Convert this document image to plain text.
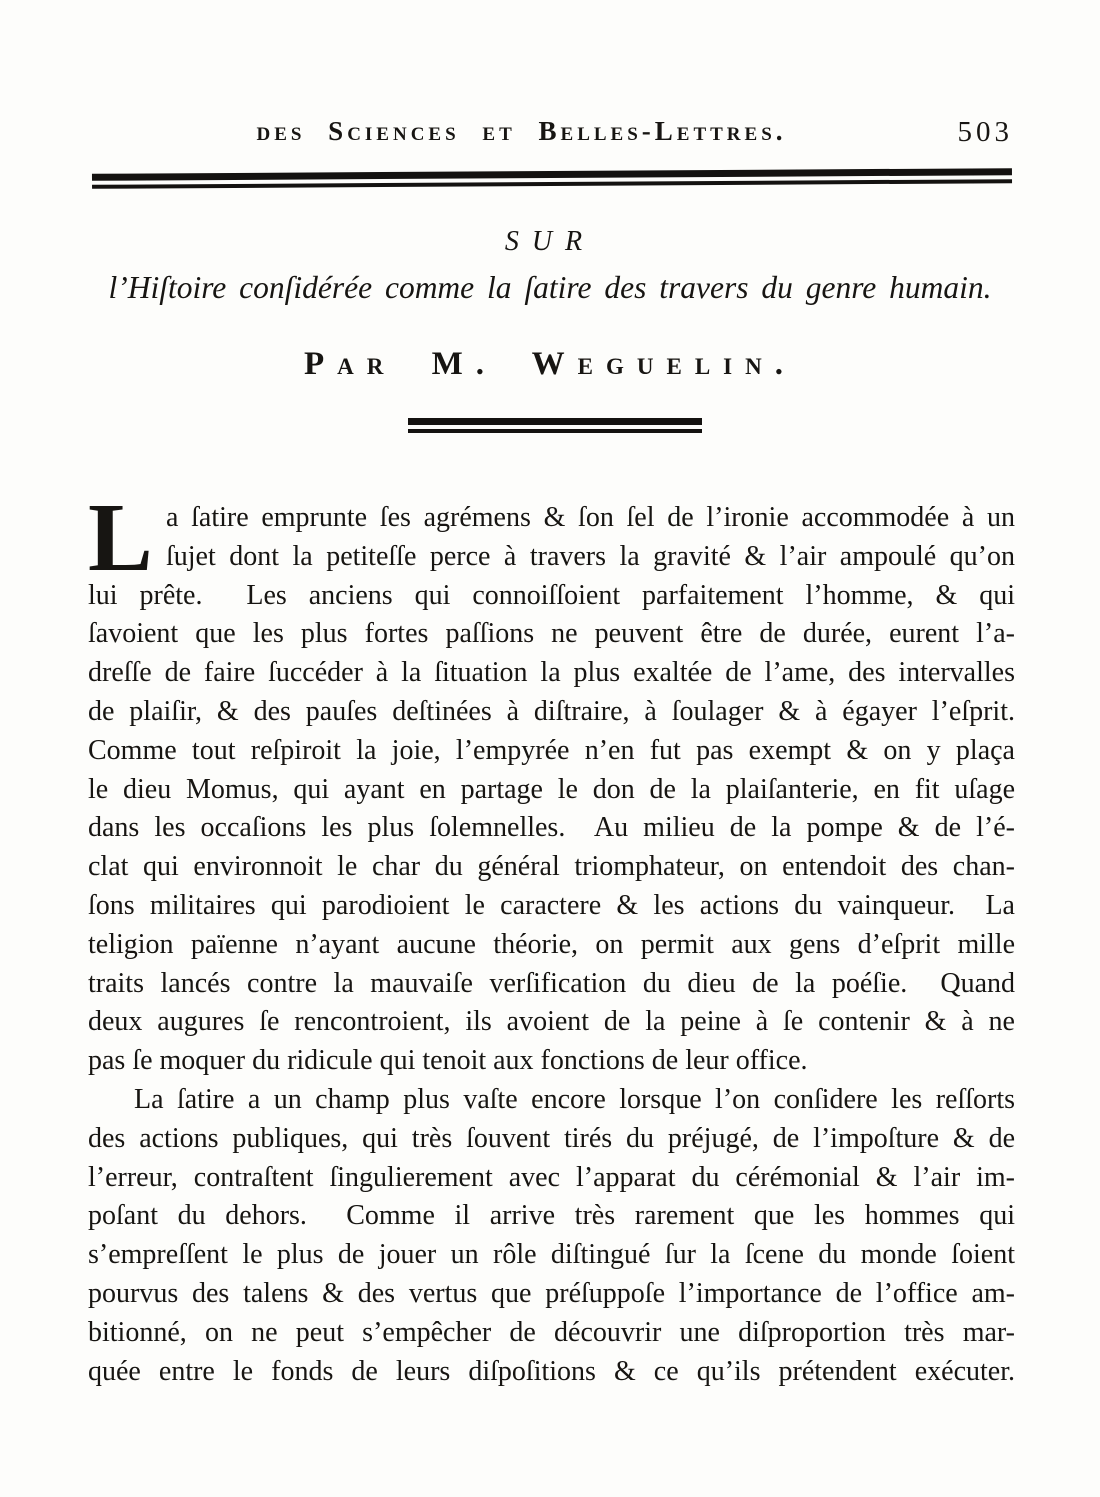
des Sciences et Belles-Lettres.	503
SUR
l’Hiſtoire conſidérée comme la ſatire des travers du genre humain.
Par M. Weguelin.
L a ſatire emprunte ſes agrémens & ſon ſel de l’ironie accommodée à un
ſujet dont la petiteſſe perce à travers la gravité & l’air ampoulé qu’on
lui prête.  Les anciens qui connoiſſoient parfaitement l’homme, & qui
ſavoient que les plus fortes paſſions ne peuvent être de durée, eurent l’a-
dreſſe de faire ſuccéder à la ſituation la plus exaltée de l’ame, des intervalles
de plaiſir, & des pauſes deſtinées à diſtraire, à ſoulager & à égayer l’eſprit.
Comme tout reſpiroit la joie, l’empyrée n’en fut pas exempt & on y plaça
le dieu Momus, qui ayant en partage le don de la plaiſanterie, en fit uſage
dans les occaſions les plus ſolemnelles.  Au milieu de la pompe & de l’é-
clat qui environnoit le char du général triomphateur, on entendoit des chan-
ſons militaires qui parodioient le caractere & les actions du vainqueur.  La
teligion païenne n’ayant aucune théorie, on permit aux gens d’eſprit mille
traits lancés contre la mauvaiſe verſification du dieu de la poéſie.  Quand
deux augures ſe rencontroient, ils avoient de la peine à ſe contenir & à ne
pas ſe moquer du ridicule qui tenoit aux fonctions de leur office.
La ſatire a un champ plus vaſte encore lorsque l’on conſidere les reſſorts
des actions publiques, qui très ſouvent tirés du préjugé, de l’impoſture & de
l’erreur, contraſtent ſingulierement avec l’apparat du cérémonial & l’air im-
poſant du dehors.  Comme il arrive très rarement que les hommes qui
s’empreſſent le plus de jouer un rôle diſtingué ſur la ſcene du monde ſoient
pourvus des talens & des vertus que préſuppoſe l’importance de l’office am-
bitionné, on ne peut s’empêcher de découvrir une diſproportion très mar-
quée entre le fonds de leurs diſpoſitions & ce qu’ils prétendent exécuter.
